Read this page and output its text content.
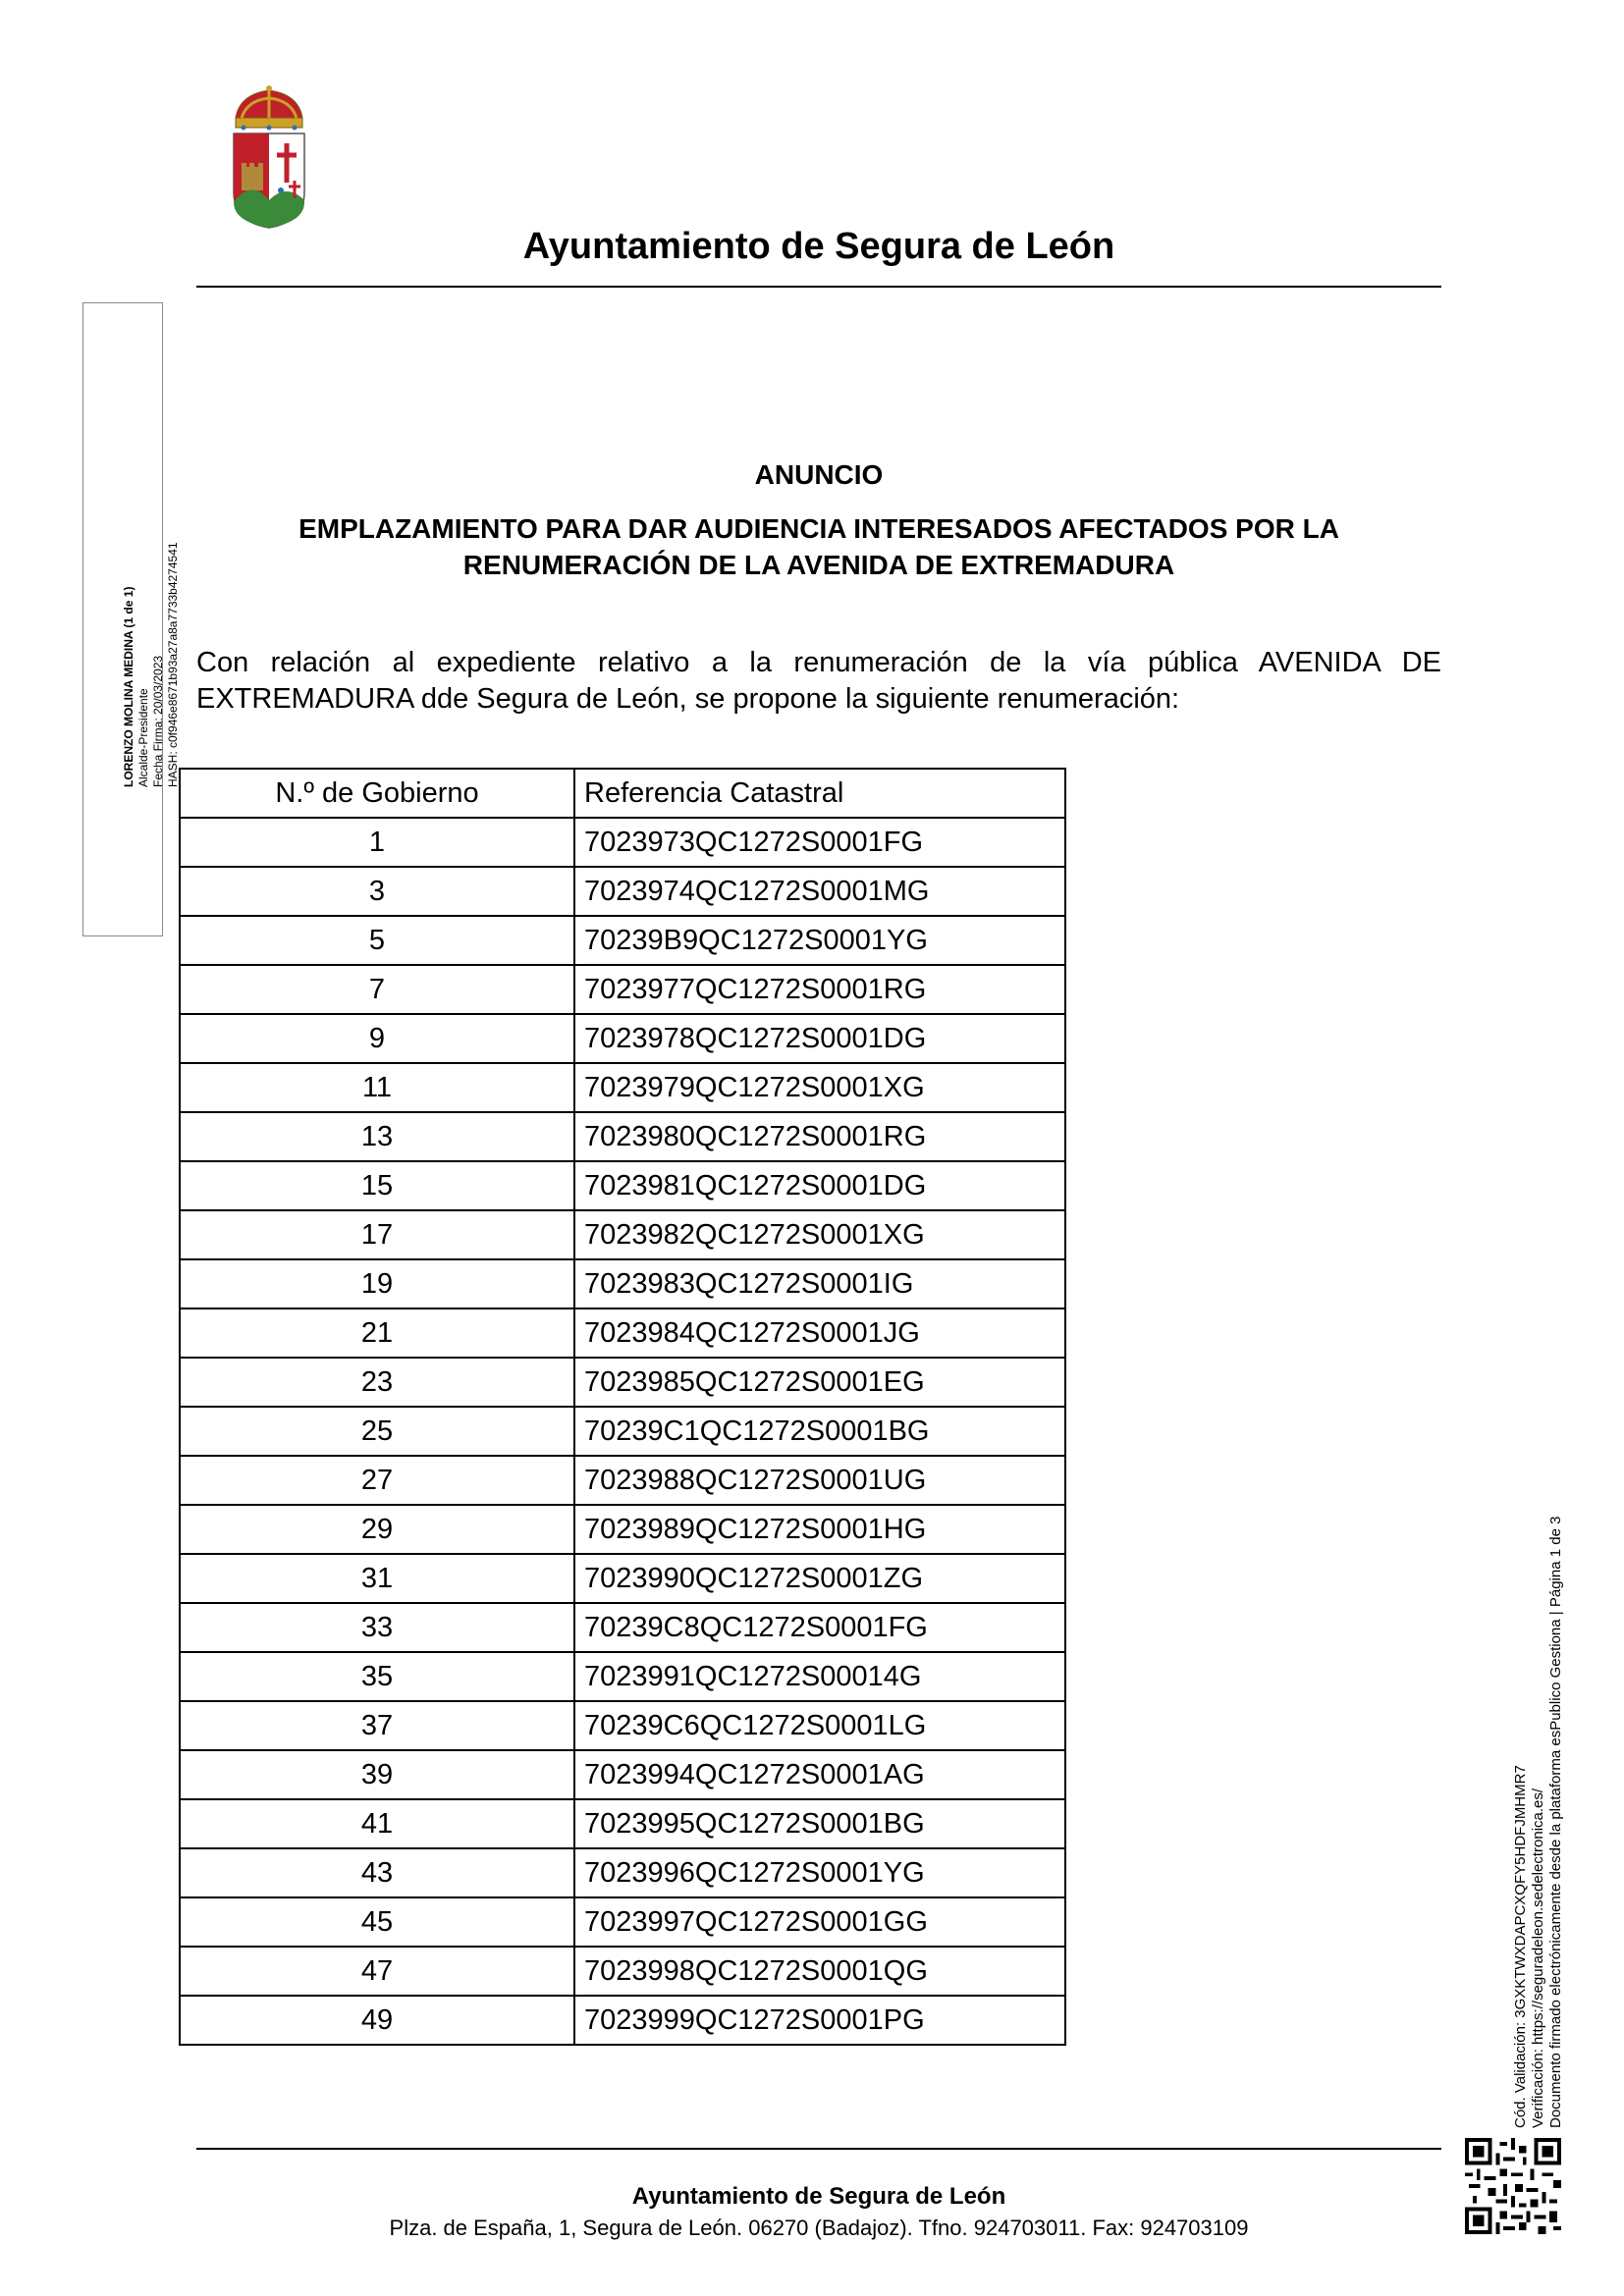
Ayuntamiento de Segura de León
LORENZO MOLINA MEDINA (1 de 1) Alcalde-Presidente Fecha Firma: 20/03/2023 HASH: c0f946e8671b93a27a8a7733b4274541
ANUNCIO
EMPLAZAMIENTO PARA DAR AUDIENCIA INTERESADOS AFECTADOS POR LA
RENUMERACIÓN DE LA AVENIDA DE EXTREMADURA
Con relación al expediente relativo a la renumeración de la vía pública AVENIDA DE EXTREMADURA dde Segura de León, se propone la siguiente renumeración:
N.º de Gobierno	Referencia Catastral
1	7023973QC1272S0001FG
3	7023974QC1272S0001MG
5	70239B9QC1272S0001YG
7	7023977QC1272S0001RG
9	7023978QC1272S0001DG
11	7023979QC1272S0001XG
13	7023980QC1272S0001RG
15	7023981QC1272S0001DG
17	7023982QC1272S0001XG
19	7023983QC1272S0001IG
21	7023984QC1272S0001JG
23	7023985QC1272S0001EG
25	70239C1QC1272S0001BG
27	7023988QC1272S0001UG
29	7023989QC1272S0001HG
31	7023990QC1272S0001ZG
33	70239C8QC1272S0001FG
35	7023991QC1272S00014G
37	70239C6QC1272S0001LG
39	7023994QC1272S0001AG
41	7023995QC1272S0001BG
43	7023996QC1272S0001YG
45	7023997QC1272S0001GG
47	7023998QC1272S0001QG
49	7023999QC1272S0001PG
Ayuntamiento de Segura de León
Plza. de España, 1, Segura de León. 06270 (Badajoz). Tfno. 924703011. Fax: 924703109
Cód. Validación: 3GXKTWXDAPCXQFY5HDFJMHMR7 Verificación: https://seguradeleon.sedelectronica.es/ Documento firmado electrónicamente desde la plataforma esPublico Gestiona | Página 1 de 3
